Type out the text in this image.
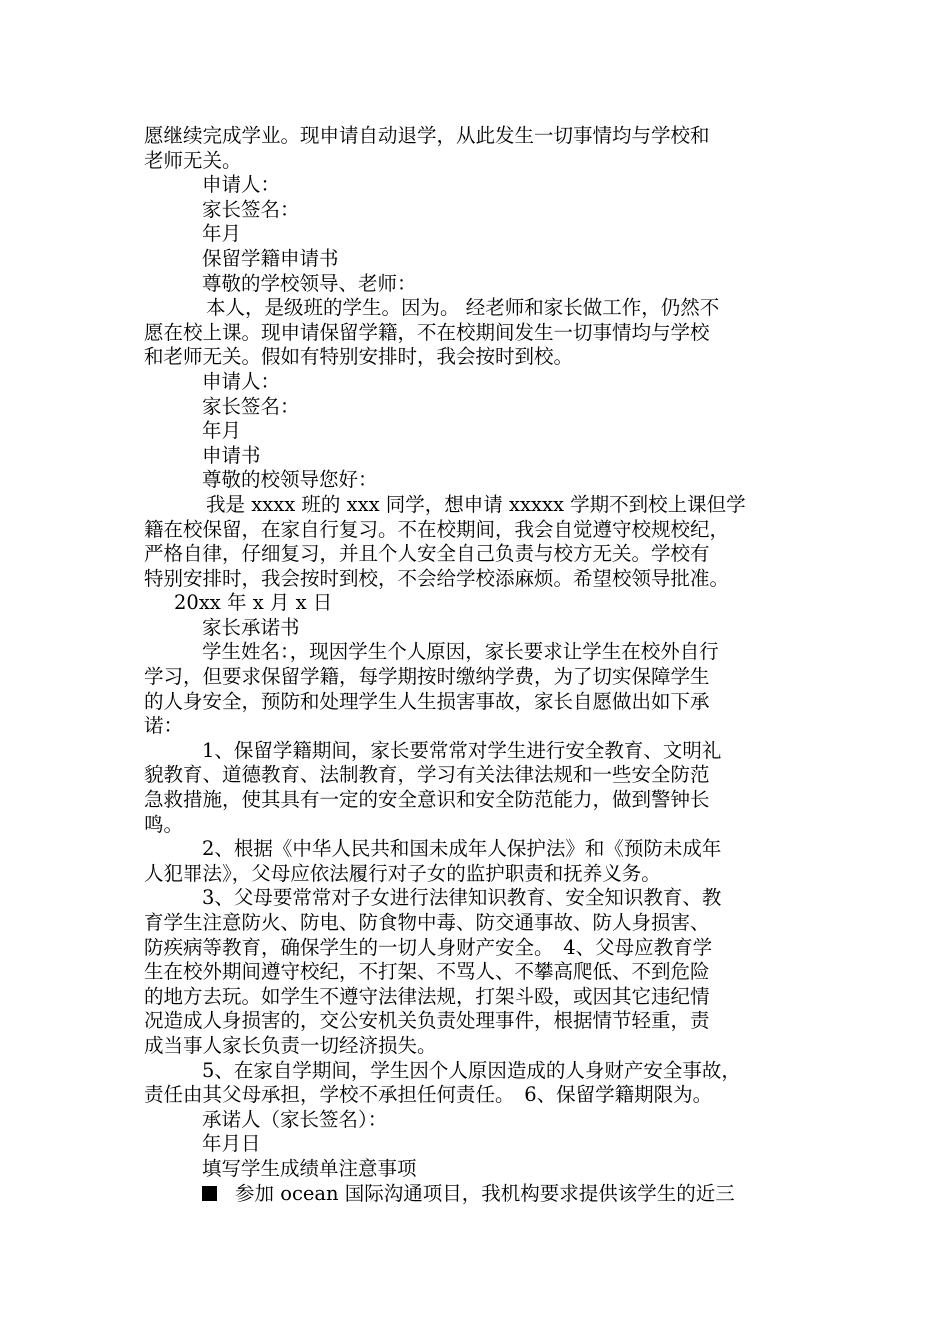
愿继续完成学业。现申请自动退学，从此发生一切事情均与学校和
老师无关。
申请人：
家长签名：
年月
保留学籍申请书
尊敬的学校领导、老师：
本人，是级班的学生。因为。 经老师和家长做工作，仍然不
愿在校上课。现申请保留学籍，不在校期间发生一切事情均与学校
和老师无关。假如有特别安排时，我会按时到校。
申请人：
家长签名：
年月
申请书
尊敬的校领导您好：
我是 xxxx 班的 xxx 同学，想申请 xxxxx 学期不到校上课但学
籍在校保留，在家自行复习。不在校期间，我会自觉遵守校规校纪，
严格自律，仔细复习，并且个人安全自己负责与校方无关。学校有
特别安排时，我会按时到校，不会给学校添麻烦。希望校领导批准。
20xx 年 x 月 x 日
家长承诺书
学生姓名：，现因学生个人原因，家长要求让学生在校外自行
学习，但要求保留学籍，每学期按时缴纳学费，为了切实保障学生
的人身安全，预防和处理学生人生损害事故，家长自愿做出如下承
诺：
1、保留学籍期间，家长要常常对学生进行安全教育、文明礼
貌教育、道德教育、法制教育，学习有关法律法规和一些安全防范
急救措施，使其具有一定的安全意识和安全防范能力，做到警钟长
鸣。
2、根据《中华人民共和国未成年人保护法》和《预防未成年
人犯罪法》，父母应依法履行对子女的监护职责和抚养义务。
3、父母要常常对子女进行法律知识教育、安全知识教育、教
育学生注意防火、防电、防食物中毒、防交通事故、防人身损害、
防疾病等教育，确保学生的一切人身财产安全。　4、父母应教育学
生在校外期间遵守校纪，不打架、不骂人、不攀高爬低、不到危险
的地方去玩。如学生不遵守法律法规，打架斗殴，或因其它违纪情
况造成人身损害的，交公安机关负责处理事件，根据情节轻重，责
成当事人家长负责一切经济损失。
5、在家自学期间，学生因个人原因造成的人身财产安全事故，
责任由其父母承担，学校不承担任何责任。　6、保留学籍期限为。
承诺人（家长签名）：
年月日
填写学生成绩单注意事项
参加 ocean 国际沟通项目，我机构要求提供该学生的近三
